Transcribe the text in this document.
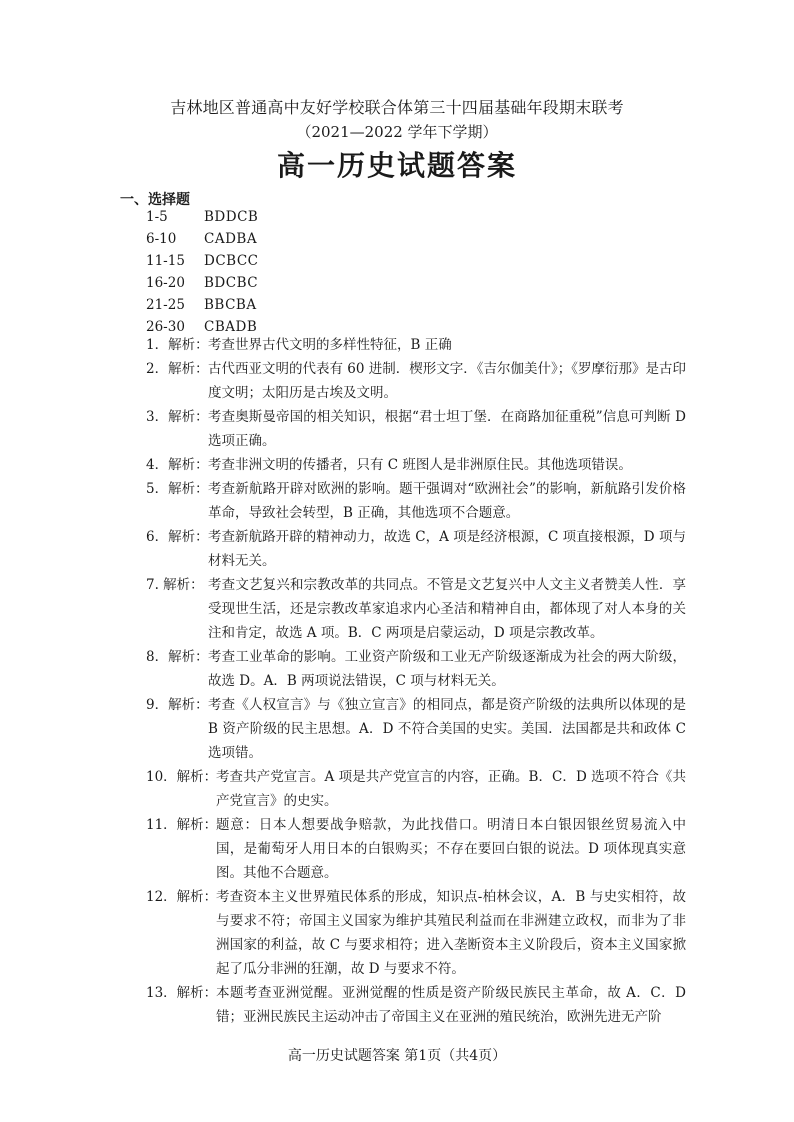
吉林地区普通高中友好学校联合体第三十四届基础年段期末联考
（2021—2022 学年下学期）
高一历史试题答案
一、选择题
1-5	BDDCB
6-10 CADBA
11-15 DCBCC
16-20 BDCBC
21-25 BBCBA
26-30 CBADB
1．解析： 考查世界古代文明的多样性特征，B 正确
2．解析： 古代西亚文明的代表有 60 进制．楔形文字．《吉尔伽美什》；《罗摩衍那》是古印度文明；太阳历是古埃及文明。
3．解析： 考查奥斯曼帝国的相关知识，根据“君士坦丁堡．在商路加征重税”信息可判断 D 选项正确。
4．解析： 考查非洲文明的传播者，只有 C 班图人是非洲原住民。其他选项错误。
5．解析： 考查新航路开辟对欧洲的影响。题干强调对“欧洲社会”的影响，新航路引发价格革命，导致社会转型，B 正确，其他选项不合题意。
6．解析： 考查新航路开辟的精神动力，故选 C，A 项是经济根源，C 项直接根源，D 项与材料无关。
7. 解析： 考查文艺复兴和宗教改革的共同点。不管是文艺复兴中人文主义者赞美人性．享受现世生活，还是宗教改革家追求内心圣洁和精神自由，都体现了对人本身的关注和肯定，故选 A 项。B．C 两项是启蒙运动，D 项是宗教改革。
8．解析： 考查工业革命的影响。工业资产阶级和工业无产阶级逐渐成为社会的两大阶级，故选 D。A．B 两项说法错误，C 项与材料无关。
9．解析： 考查《人权宣言》与《独立宣言》的相同点，都是资产阶级的法典所以体现的是 B 资产阶级的民主思想。A．D 不符合美国的史实。美国．法国都是共和政体 C 选项错。
10．解析：
考查共产党宣言。A 项是共产党宣言的内容，正确。B．C．D 选项不符合《共产党宣言》的史实。
11．解析：
题意：日本人想要战争赔款，为此找借口。明清日本白银因银丝贸易流入中国，是葡萄牙人用日本的白银购买；不存在要回白银的说法。D 项体现真实意图。其他不合题意。
12．解析：
考查资本主义世界殖民体系的形成，知识点-柏林会议，A．B 与史实相符，故与要求不符；帝国主义国家为维护其殖民利益而在非洲建立政权，而非为了非洲国家的利益，故 C 与要求相符；进入垄断资本主义阶段后，资本主义国家掀起了瓜分非洲的狂潮，故 D 与要求不符。
13．解析：
本题考查亚洲觉醒。亚洲觉醒的性质是资产阶级民族民主革命，故 A．C．D 错；亚洲民族民主运动冲击了帝国主义在亚洲的殖民统治，欧洲先进无产阶
高一历史试题答案 第1页（共4页）
